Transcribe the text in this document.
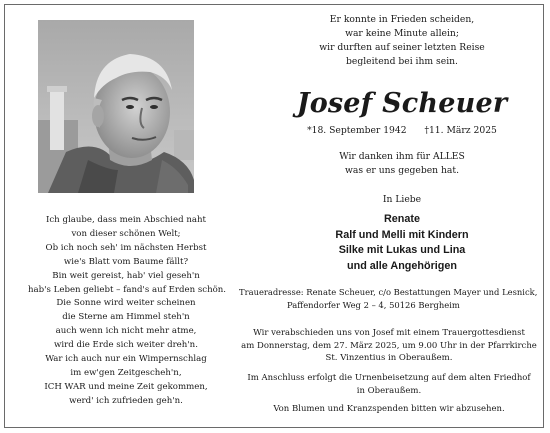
Ich glaube, dass mein Abschied naht
von dieser schönen Welt;
Ob ich noch seh' im nächsten Herbst
wie's Blatt vom Baume fällt?
Bin weit gereist, hab' viel geseh'n
hab's Leben geliebt – fand's auf Erden schön.
Die Sonne wird weiter scheinen
die Sterne am Himmel steh'n
auch wenn ich nicht mehr atme,
wird die Erde sich weiter dreh'n.
War ich auch nur ein Wimpernschlag
im ew'gen Zeitgescheh'n,
ICH WAR und meine Zeit gekommen,
werd' ich zufrieden geh'n.
Er konnte in Frieden scheiden,
war keine Minute allein;
wir durften auf seiner letzten Reise
begleitend bei ihm sein.
Josef Scheuer
*18. September 1942 †11. März 2025
Wir danken ihm für ALLES
was er uns gegeben hat.
In Liebe
Renate
Ralf und Melli mit Kindern
Silke mit Lukas und Lina
und alle Angehörigen
Traueradresse: Renate Scheuer, c/o Bestattungen Mayer und Lesnick,
Paffendorfer Weg 2 – 4, 50126 Bergheim
Wir verabschieden uns von Josef mit einem Trauergottesdienst
am Donnerstag, dem 27. März 2025, um 9.00 Uhr in der Pfarrkirche
St. Vinzentius in Oberaußem.
Im Anschluss erfolgt die Urnenbeisetzung auf dem alten Friedhof
in Oberaußem.
Von Blumen und Kranzspenden bitten wir abzusehen.
